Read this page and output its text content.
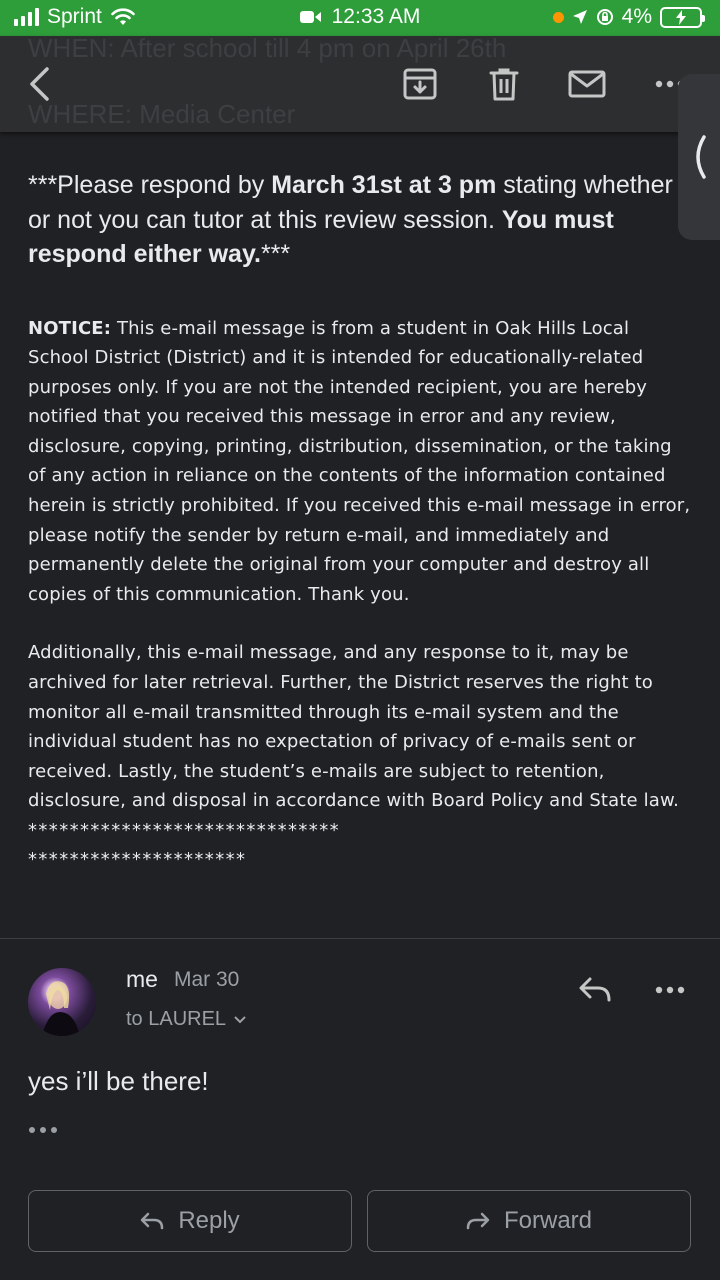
Sprint	12:33 AM	4%
WHEN: After school till 4 pm on April 26th
WHERE: Media Center

***Please respond by March 31st at 3 pm stating whether or not you can tutor at this review session. You must respond either way.***

NOTICE: This e-mail message is from a student in Oak Hills Local School District (District) and it is intended for educationally-related purposes only. If you are not the intended recipient, you are hereby notified that you received this message in error and any review, disclosure, copying, printing, distribution, dissemination, or the taking of any action in reliance on the contents of the information contained herein is strictly prohibited. If you received this e-mail message in error, please notify the sender by return e-mail, and immediately and permanently delete the original from your computer and destroy all copies of this communication. Thank you.

Additionally, this e-mail message, and any response to it, may be archived for later retrieval. Further, the District reserves the right to monitor all e-mail transmitted through its e-mail system and the individual student has no expectation of privacy of e-mails sent or received. Lastly, the student’s e-mails are subject to retention, disclosure, and disposal in accordance with Board Policy and State law.

******************************
*********************
me Mar 30
to LAUREL
yes i’ll be there!
Reply	Forward
